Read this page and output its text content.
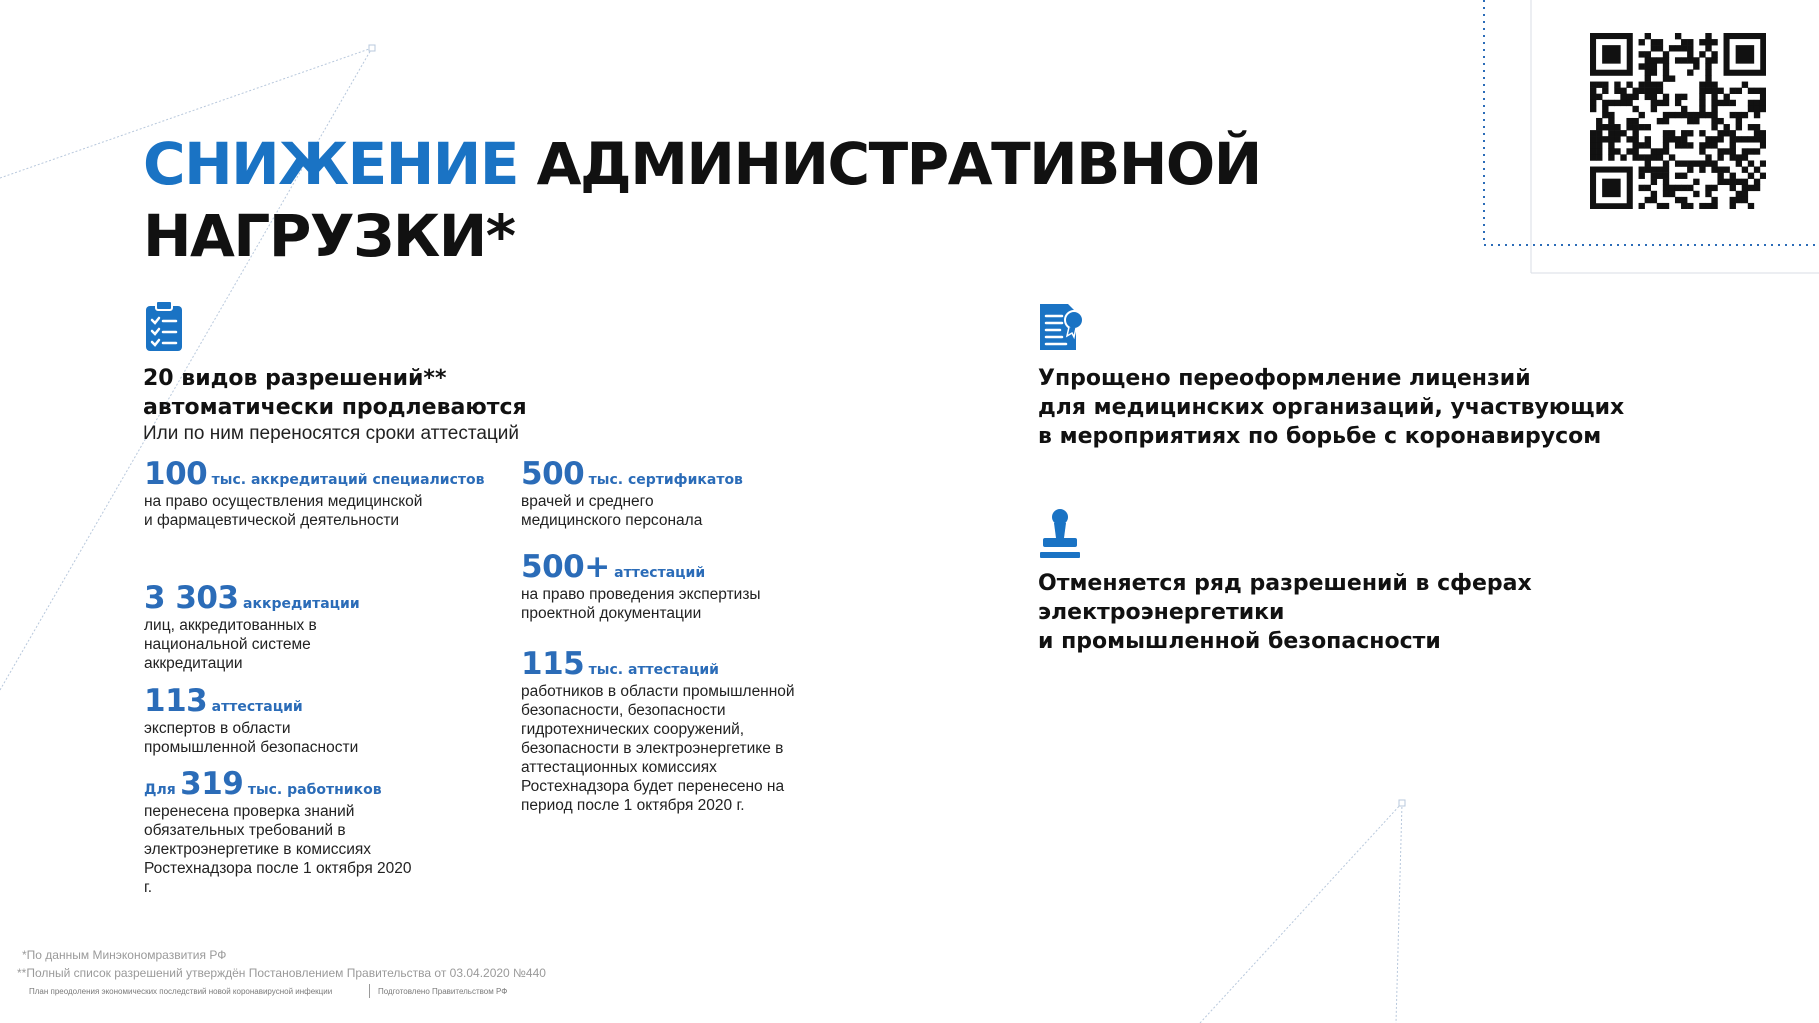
СНИЖЕНИЕ АДМИНИСТРАТИВНОЙ
НАГРУЗКИ*
20 видов разрешений**
автоматически продлеваются
Или по ним переносятся сроки аттестаций
100 тыс. аккредитаций специалистов
на право осуществления медицинской и фармацевтической деятельности
3 303 аккредитации
лиц, аккредитованных в национальной системе аккредитации
113 аттестаций
экспертов в области промышленной безопасности
Для 319 тыс. работников
перенесена проверка знаний обязательных требований в электроэнергетике в комиссиях Ростехнадзора после 1 октября 2020 г.
500 тыс. сертификатов
врачей и среднего медицинского персонала
500+ аттестаций
на право проведения экспертизы проектной документации
115 тыс. аттестаций
работников в области промышленной безопасности, безопасности гидротехнических сооружений, безопасности в электроэнергетике в аттестационных комиссиях Ростехнадзора будет перенесено на период после 1 октября 2020 г.
Упрощено переоформление лицензий
для медицинских организаций, участвующих
в мероприятиях по борьбе с коронавирусом
Отменяется ряд разрешений в сферах
электроэнергетики
и промышленной безопасности
*По данным Минэкономразвития РФ
**Полный список разрешений утверждён Постановлением Правительства от 03.04.2020 №440
План преодоления экономических последствий новой коронавирусной инфекции	Подготовлено Правительством РФ
